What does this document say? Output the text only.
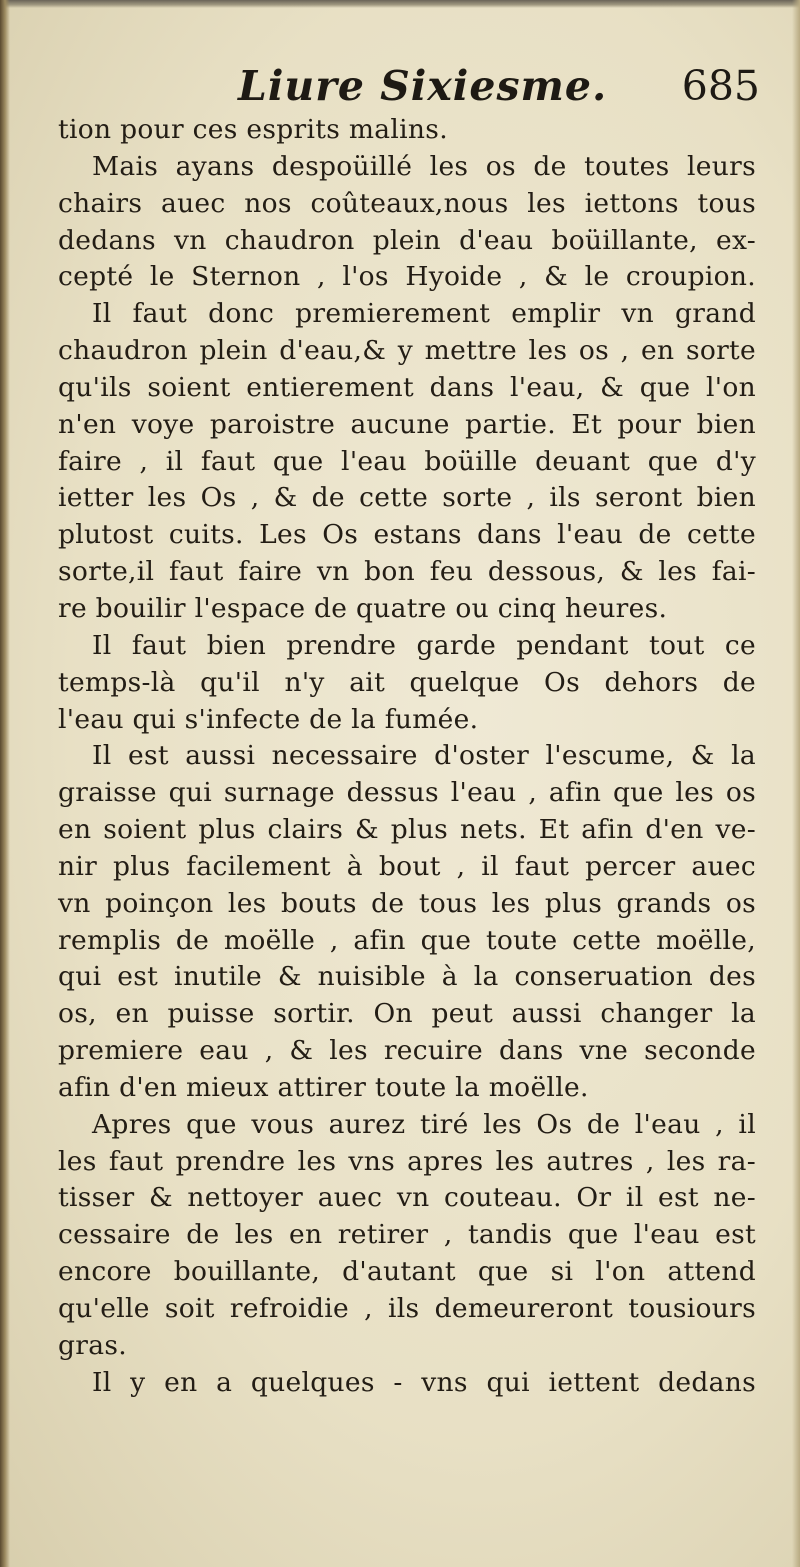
Liure Sixiesme. 685
tion pour ces esprits malins.
Mais ayans despoüillé les os de toutes leurs
chairs auec nos coûteaux,nous les iettons tous
dedans vn chaudron plein d'eau boüillante, ex-
cepté le Sternon , l'os Hyoide , & le croupion.
Il faut donc premierement emplir vn grand
chaudron plein d'eau,& y mettre les os , en sorte
qu'ils soient entierement dans l'eau, & que l'on
n'en voye paroistre aucune partie. Et pour bien
faire , il faut que l'eau boüille deuant que d'y
ietter les Os , & de cette sorte , ils seront bien
plutost cuits. Les Os estans dans l'eau de cette
sorte,il faut faire vn bon feu dessous, & les fai-
re bouilir l'espace de quatre ou cinq heures.
Il faut bien prendre garde pendant tout ce
temps-là qu'il n'y ait quelque Os dehors de
l'eau qui s'infecte de la fumée.
Il est aussi necessaire d'oster l'escume, & la
graisse qui surnage dessus l'eau , afin que les os
en soient plus clairs & plus nets. Et afin d'en ve-
nir plus facilement à bout , il faut percer auec
vn poinçon les bouts de tous les plus grands os
remplis de moëlle , afin que toute cette moëlle,
qui est inutile & nuisible à la conseruation des
os, en puisse sortir. On peut aussi changer la
premiere eau , & les recuire dans vne seconde
afin d'en mieux attirer toute la moëlle.
Apres que vous aurez tiré les Os de l'eau , il
les faut prendre les vns apres les autres , les ra-
tisser & nettoyer auec vn couteau. Or il est ne-
cessaire de les en retirer , tandis que l'eau est
encore bouillante, d'autant que si l'on attend
qu'elle soit refroidie , ils demeureront tousiours
gras.
Il y en a quelques - vns qui iettent dedans
